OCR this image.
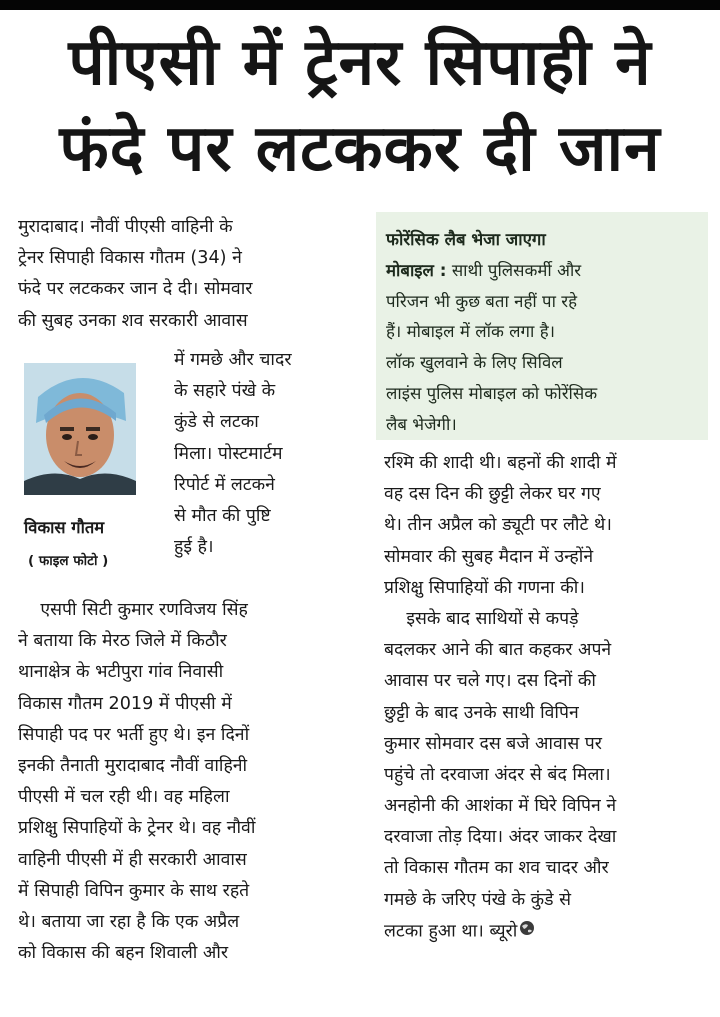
पीएसी में ट्रेनर सिपाही ने
फंदे पर लटककर दी जान
मुरादाबाद। नौवीं पीएसी वाहिनी के
ट्रेनर सिपाही विकास गौतम (34) ने
फंदे पर लटककर जान दे दी। सोमवार
की सुबह उनका शव सरकारी आवास
विकास गौतम
( फाइल फोटो )
में गमछे और चादर
के सहारे पंखे के
कुंडे से लटका
मिला। पोस्टमार्टम
रिपोर्ट में लटकने
से मौत की पुष्टि
हुई है।
एसपी सिटी कुमार रणविजय सिंह
ने बताया कि मेरठ जिले में किठौर
थानाक्षेत्र के भटीपुरा गांव निवासी
विकास गौतम 2019 में पीएसी में
सिपाही पद पर भर्ती हुए थे। इन दिनों
इनकी तैनाती मुरादाबाद नौवीं वाहिनी
पीएसी में चल रही थी। वह महिला
प्रशिक्षु सिपाहियों के ट्रेनर थे। वह नौवीं
वाहिनी पीएसी में ही सरकारी आवास
में सिपाही विपिन कुमार के साथ रहते
थे। बताया जा रहा है कि एक अप्रैल
को विकास की बहन शिवाली और
फोरेंसिक लैब भेजा जाएगा
मोबाइल : साथी पुलिसकर्मी और
परिजन भी कुछ बता नहीं पा रहे
हैं। मोबाइल में लॉक लगा है।
लॉक खुलवाने के लिए सिविल
लाइंस पुलिस मोबाइल को फोरेंसिक
लैब भेजेगी।
रश्मि की शादी थी। बहनों की शादी में
वह दस दिन की छुट्टी लेकर घर गए
थे। तीन अप्रैल को ड्यूटी पर लौटे थे।
सोमवार की सुबह मैदान में उन्होंने
प्रशिक्षु सिपाहियों की गणना की।
इसके बाद साथियों से कपड़े
बदलकर आने की बात कहकर अपने
आवास पर चले गए। दस दिनों की
छुट्टी के बाद उनके साथी विपिन
कुमार सोमवार दस बजे आवास पर
पहुंचे तो दरवाजा अंदर से बंद मिला।
अनहोनी की आशंका में घिरे विपिन ने
दरवाजा तोड़ दिया। अंदर जाकर देखा
तो विकास गौतम का शव चादर और
गमछे के जरिए पंखे के कुंडे से
लटका हुआ था। ब्यूरो
